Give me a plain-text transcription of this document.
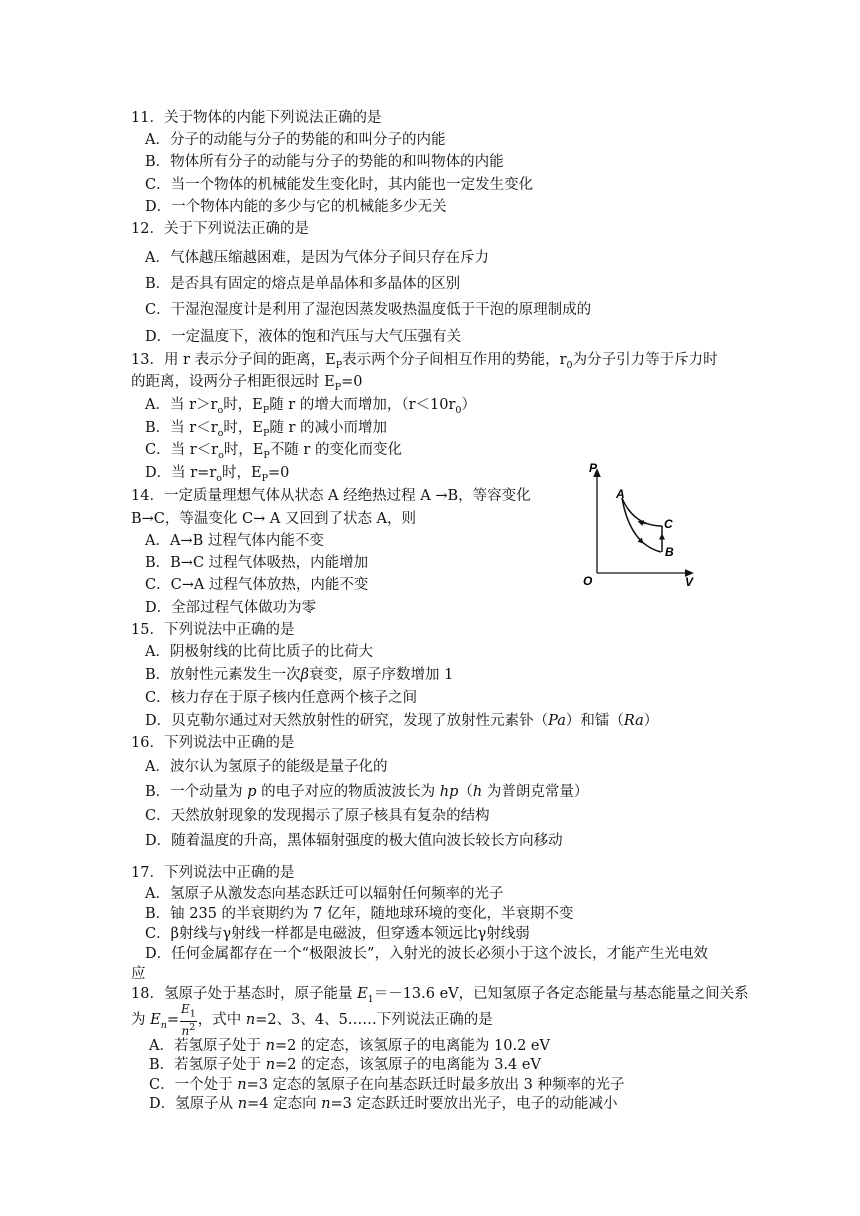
11．关于物体的内能下列说法正确的是
A．分子的动能与分子的势能的和叫分子的内能
B．物体所有分子的动能与分子的势能的和叫物体的内能
C．当一个物体的机械能发生变化时，其内能也一定发生变化
D．一个物体内能的多少与它的机械能多少无关
12．关于下列说法正确的是
A．气体越压缩越困难，是因为气体分子间只存在斥力
B．是否具有固定的熔点是单晶体和多晶体的区别
C．干湿泡湿度计是利用了湿泡因蒸发吸热温度低于干泡的原理制成的
D．一定温度下，液体的饱和汽压与大气压强有关
13．用 r 表示分子间的距离，$E_P$表示两个分子间相互作用的势能，$r_0$为分子引力等于斥力时
的距离，设两分子相距很远时 $E_P=0$
A．当 $r>r_o$时，$E_P$随 r 的增大而增加，$(r<10r_0)$
B．当 $r<r_o$时，$E_P$随 r 的减小而增加
C．当 $r<r_o$时，$E_P$不随 r 的变化而变化
D．当 $r=r_o$时，$E_P=0$
14．一定质量理想气体从状态 A 经绝热过程 A →B，等容变化
B→C，等温变化 C→ A 又回到了状态 A，则
A．A→B 过程气体内能不变
B．B→C 过程气体吸热，内能增加
C．C→A 过程气体放热，内能不变
D．全部过程气体做功为零
P
V
O
A
B
C
15．下列说法中正确的是
A．阴极射线的比荷比质子的比荷大
B．放射性元素发生一次β衰变，原子序数增加 1
C．核力存在于原子核内任意两个核子之间
D．贝克勒尔通过对天然放射性的研究，发现了放射性元素钋（Pa）和镭（Ra）
16．下列说法中正确的是
A．波尔认为氢原子的能级是量子化的
B．一个动量为 p 的电子对应的物质波波长为 hp（h 为普朗克常量）
C．天然放射现象的发现揭示了原子核具有复杂的结构
D．随着温度的升高，黑体辐射强度的极大值向波长较长方向移动
17．下列说法中正确的是
A．氢原子从激发态向基态跃迁可以辐射任何频率的光子
B．铀 235 的半衰期约为 7 亿年，随地球环境的变化，半衰期不变
C．β射线与γ射线一样都是电磁波，但穿透本领远比γ射线弱
D．任何金属都存在一个“极限波长”，入射光的波长必须小于这个波长，才能产生光电效
应
18．氢原子处于基态时，原子能量 $E_1=-13.6$ eV，已知氢原子各定态能量与基态能量之间关系
为 $E_n= \frac{E_1}{n^2}$ ，式中 n=2、3、4、5……下列说法正确的是
A．若氢原子处于 n=2 的定态，该氢原子的电离能为 10.2 eV
B．若氢原子处于 n=2 的定态，该氢原子的电离能为 3.4 eV
C．一个处于 n=3 定态的氢原子在向基态跃迁时最多放出 3 种频率的光子
D．氢原子从 n=4 定态向 n=3 定态跃迁时要放出光子，电子的动能减小
